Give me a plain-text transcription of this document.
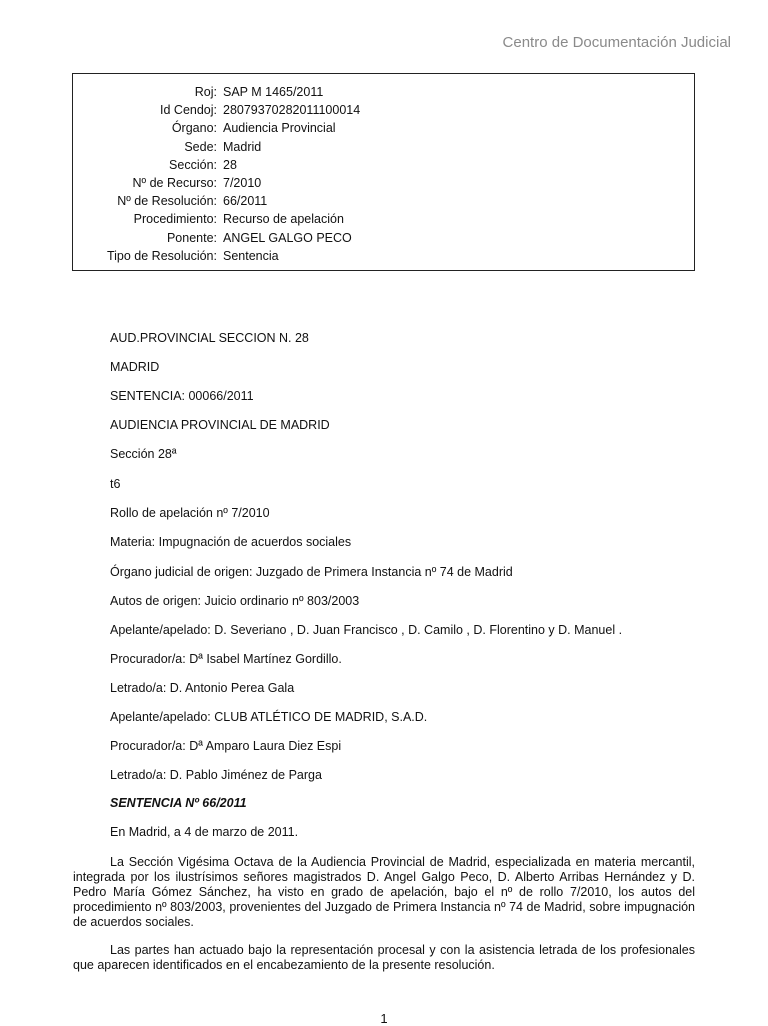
Centro de Documentación Judicial
Roj:	SAP M 1465/2011
Id Cendoj:	28079370282011100014
Órgano:	Audiencia Provincial
Sede:	Madrid
Sección:	28
Nº de Recurso:	7/2010
Nº de Resolución:	66/2011
Procedimiento:	Recurso de apelación
Ponente:	ANGEL GALGO PECO
Tipo de Resolución:	Sentencia
AUD.PROVINCIAL SECCION N. 28
MADRID
SENTENCIA: 00066/2011
AUDIENCIA PROVINCIAL DE MADRID
Sección 28ª
t6
Rollo de apelación nº 7/2010
Materia: Impugnación de acuerdos sociales
Órgano judicial de origen: Juzgado de Primera Instancia nº 74 de Madrid
Autos de origen: Juicio ordinario nº 803/2003
Apelante/apelado: D. Severiano , D. Juan Francisco , D. Camilo , D. Florentino y D. Manuel .
Procurador/a: Dª Isabel Martínez Gordillo.
Letrado/a: D. Antonio Perea Gala
Apelante/apelado: CLUB ATLÉTICO DE MADRID, S.A.D.
Procurador/a: Dª Amparo Laura Diez Espi
Letrado/a: D. Pablo Jiménez de Parga
SENTENCIA Nº 66/2011
En Madrid, a 4 de marzo de 2011.

La Sección Vigésima Octava de la Audiencia Provincial de Madrid, especializada en materia mercantil, integrada por los ilustrísimos señores magistrados D. Angel Galgo Peco, D. Alberto Arribas Hernández y D. Pedro María Gómez Sánchez, ha visto en grado de apelación, bajo el nº de rollo 7/2010, los autos del procedimiento nº 803/2003, provenientes del Juzgado de Primera Instancia nº 74 de Madrid, sobre impugnación de acuerdos sociales.

Las partes han actuado bajo la representación procesal y con la asistencia letrada de los profesionales que aparecen identificados en el encabezamiento de la presente resolución.

1
